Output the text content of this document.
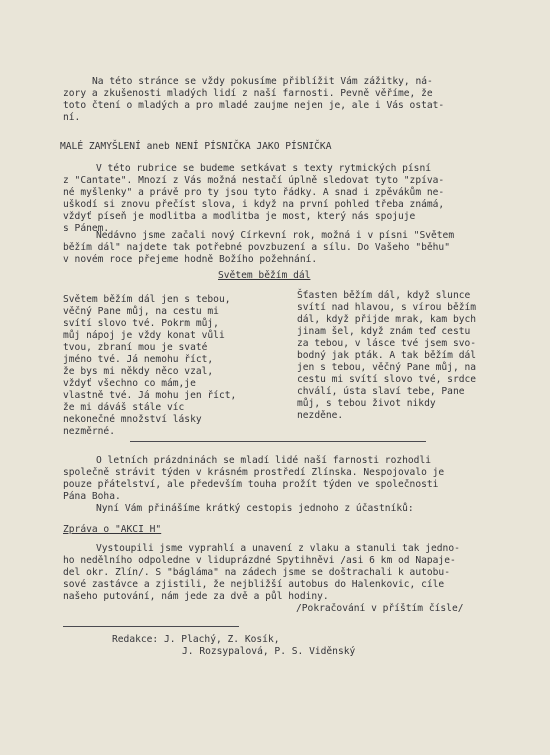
Na této stránce se vždy pokusíme přiblížit Vám zážitky, ná-
zory a zkušenosti mladých lidí z naší farnosti. Pevně věříme, že
toto čtení o mladých a pro mladé zaujme nejen je, ale i Vás ostat-
ní.
MALÉ ZAMYŠLENÍ aneb NENÍ PÍSNIČKA JAKO PÍSNIČKA
V této rubrice se budeme setkávat s texty rytmických písní
z "Cantate". Mnozí z Vás možná nestačí úplně sledovat tyto "zpíva-
né myšlenky" a právě pro ty jsou tyto řádky. A snad i zpěvákům ne-
uškodí si znovu přečíst slova, i když na první pohled třeba známá,
vždyť píseň je modlitba a modlitba je most, který nás spojuje
s Pánem.
Nedávno jsme začali nový Církevní rok, možná i v písni "Světem
běžím dál" najdete tak potřebné povzbuzení a sílu. Do Vašeho "běhu"
v novém roce přejeme hodně Božího požehnání.
Světem běžím dál
Světem běžím dál jen s tebou,
věčný Pane můj, na cestu mi
svítí slovo tvé. Pokrm můj,
můj nápoj je vždy konat vůli
tvou, zbraní mou je svaté
jméno tvé. Já nemohu říct,
že bys mi někdy něco vzal,
vždyť všechno co mám,je
vlastně tvé. Já mohu jen říct,
že mi dáváš stále víc
nekonečné množství lásky
nezměrné.
Šťasten běžím dál, když slunce
svítí nad hlavou, s vírou běžím
dál, když přijde mrak, kam bych
jinam šel, když znám teď cestu
za tebou, v lásce tvé jsem svo-
bodný jak pták. A tak běžím dál
jen s tebou, věčný Pane můj, na
cestu mi svítí slovo tvé, srdce
chválí, ústa slaví tebe, Pane
můj, s tebou život nikdy
nezděne.
O letních prázdninách se mladí lidé naší farnosti rozhodli
společně strávit týden v krásném prostředí Zlínska. Nespojovalo je
pouze přátelství, ale především touha prožít týden ve společnosti
Pána Boha.
Nyní Vám přinášíme krátký cestopis jednoho z účastníků:
Zpráva o "AKCI H"
Vystoupili jsme vyprahlí a unavení z vlaku a stanuli tak jedno-
ho nedělního odpoledne v liduprázdné Spytihněvi /asi 6 km od Napaje-
del okr. Zlín/. S "bágláma" na zádech jsme se doštrachali k autobu-
sové zastávce a zjistili, že nejbližší autobus do Halenkovic, cíle
našeho putování, nám jede za dvě a půl hodiny.
/Pokračování v příštím čísle/
Redakce: J. Plachý, Z. Kosík,
J. Rozsypalová, P. S. Viděnský
